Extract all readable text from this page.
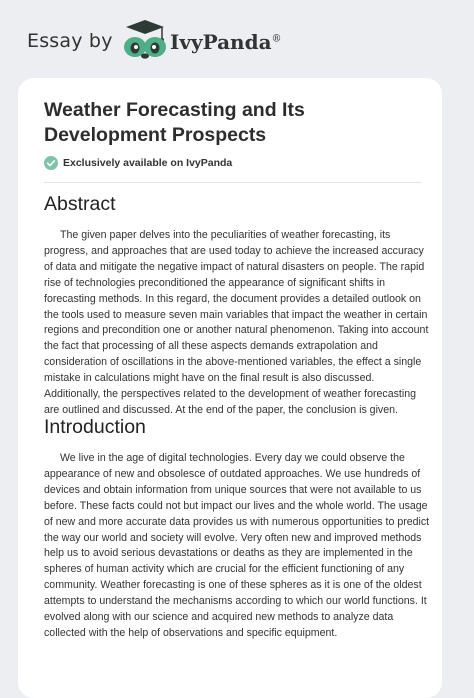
Essay by	IvyPanda®
Weather Forecasting and Its Development Prospects
Exclusively available on IvyPanda
Abstract

The given paper delves into the peculiarities of weather forecasting, its progress, and approaches that are used today to achieve the increased accuracy of data and mitigate the negative impact of natural disasters on people. The rapid rise of technologies preconditioned the appearance of significant shifts in forecasting methods. In this regard, the document provides a detailed outlook on the tools used to measure seven main variables that impact the weather in certain regions and precondition one or another natural phenomenon. Taking into account the fact that processing of all these aspects demands extrapolation and consideration of oscillations in the above-mentioned variables, the effect a single mistake in calculations might have on the final result is also discussed. Additionally, the perspectives related to the development of weather forecasting are outlined and discussed. At the end of the paper, the conclusion is given.

Introduction

We live in the age of digital technologies. Every day we could observe the appearance of new and obsolesce of outdated approaches. We use hundreds of devices and obtain information from unique sources that were not available to us before. These facts could not but impact our lives and the whole world. The usage of new and more accurate data provides us with numerous opportunities to predict the way our world and society will evolve. Very often new and improved methods help us to avoid serious devastations or deaths as they are implemented in the spheres of human activity which are crucial for the efficient functioning of any community. Weather forecasting is one of these spheres as it is one of the oldest attempts to understand the mechanisms according to which our world functions. It evolved along with our science and acquired new methods to analyze data collected with the help of observations and specific equipment.
